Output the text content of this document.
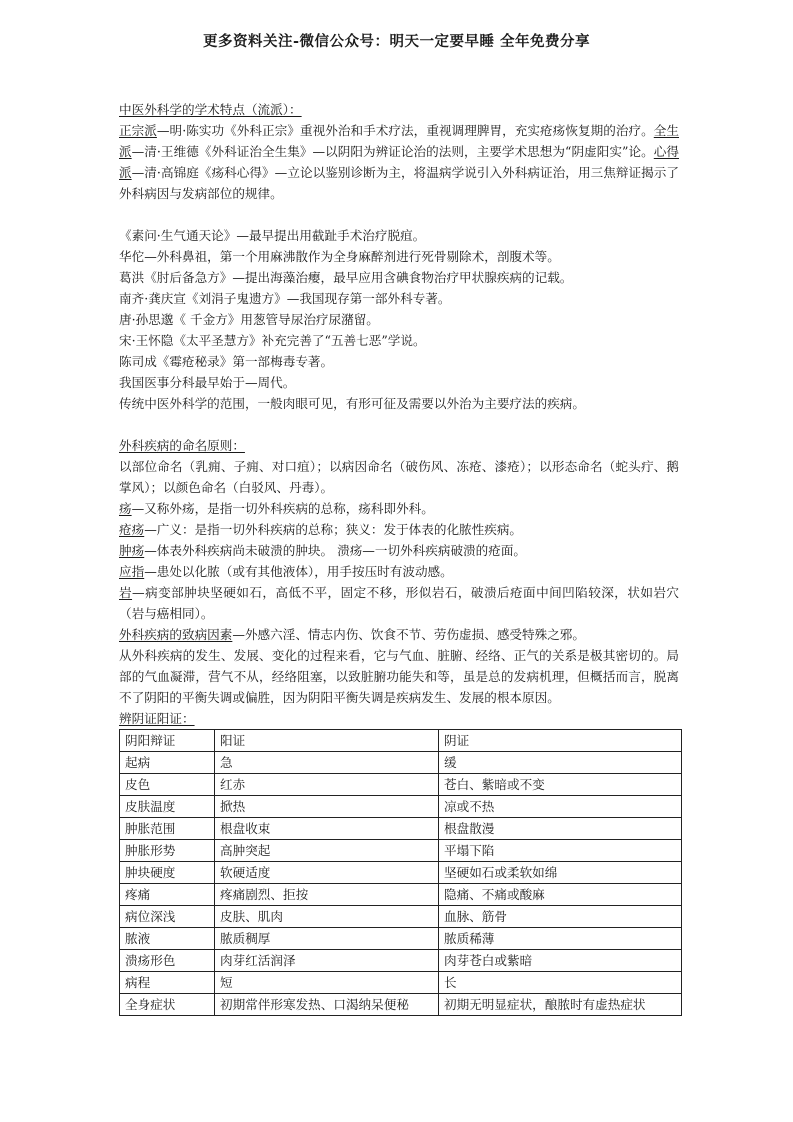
更多资料关注-微信公众号：明天一定要早睡 全年免费分享

中医外科学的学术特点（流派）：

正宗派—明·陈实功《外科正宗》重视外治和手术疗法，重视调理脾胃，充实疮疡恢复期的治疗。全生派—清·王维德《外科证治全生集》—以阴阳为辨证论治的法则，主要学术思想为“阴虚阳实”论。心得派—清·高锦庭《疡科心得》—立论以鉴别诊断为主，将温病学说引入外科病证治，用三焦辩证揭示了外科病因与发病部位的规律。

《素问·生气通天论》—最早提出用截趾手术治疗脱疽。

华佗—外科鼻祖，第一个用麻沸散作为全身麻醉剂进行死骨剔除术，剖腹术等。

葛洪《肘后备急方》—提出海藻治瘿，最早应用含碘食物治疗甲状腺疾病的记载。

南齐·龚庆宣《刘涓子鬼遗方》—我国现存第一部外科专著。

唐·孙思邈《 千金方》用葱管导尿治疗尿潴留。

宋·王怀隐《太平圣慧方》补充完善了“五善七恶”学说。

陈司成《霉疮秘录》第一部梅毒专著。

我国医事分科最早始于—周代。

传统中医外科学的范围，一般肉眼可见，有形可征及需要以外治为主要疗法的疾病。

外科疾病的命名原则：

以部位命名（乳痈、子痈、对口疽）；以病因命名（破伤风、冻疮、漆疮）；以形态命名（蛇头疔、鹅掌风）；以颜色命名（白驳风、丹毒）。

疡—又称外疡，是指一切外科疾病的总称，疡科即外科。

疮疡—广义：是指一切外科疾病的总称；狭义：发于体表的化脓性疾病。

肿疡—体表外科疾病尚未破溃的肿块。 溃疡—一切外科疾病破溃的疮面。

应指—患处以化脓（或有其他液体），用手按压时有波动感。

岩—病变部肿块坚硬如石，高低不平，固定不移，形似岩石，破溃后疮面中间凹陷较深，状如岩穴（岩与癌相同）。

外科疾病的致病因素—外感六淫、情志内伤、饮食不节、劳伤虚损、感受特殊之邪。

从外科疾病的发生、发展、变化的过程来看，它与气血、脏腑、经络、正气的关系是极其密切的。局部的气血凝滞，营气不从，经络阻塞，以致脏腑功能失和等，虽是总的发病机理，但概括而言，脱离不了阴阳的平衡失调或偏胜，因为阴阳平衡失调是疾病发生、发展的根本原因。

辨阴证阳证：

阴阳辩证	阳证	阴证
起病	急	缓
皮色	红赤	苍白、紫暗或不变
皮肤温度	掀热	凉或不热
肿胀范围	根盘收束	根盘散漫
肿胀形势	高肿突起	平塌下陷
肿块硬度	软硬适度	坚硬如石或柔软如绵
疼痛	疼痛剧烈、拒按	隐痛、不痛或酸麻
病位深浅	皮肤、肌肉	血脉、筋骨
脓液	脓质稠厚	脓质稀薄
溃疡形色	肉芽红活润泽	肉芽苍白或紫暗
病程	短	长
全身症状	初期常伴形寒发热、口渴纳呆便秘	初期无明显症状，酿脓时有虚热症状
